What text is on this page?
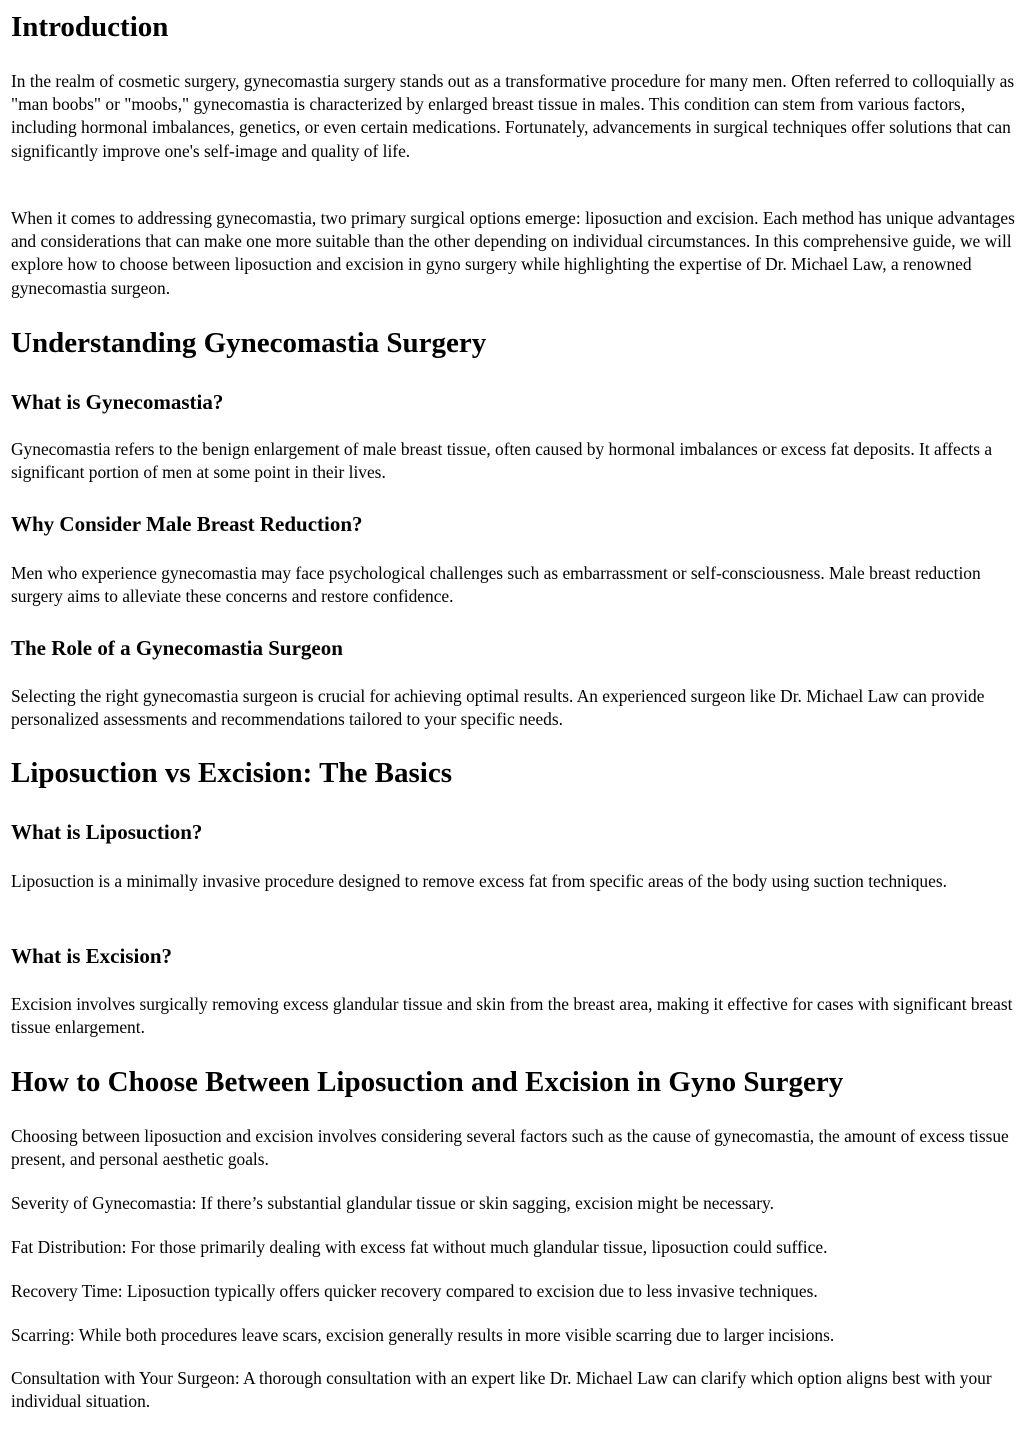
Introduction

In the realm of cosmetic surgery, gynecomastia surgery stands out as a transformative procedure for many men. Often referred to colloquially as "man boobs" or "moobs," gynecomastia is characterized by enlarged breast tissue in males. This condition can stem from various factors, including hormonal imbalances, genetics, or even certain medications. Fortunately, advancements in surgical techniques offer solutions that can significantly improve one's self-image and quality of life.

When it comes to addressing gynecomastia, two primary surgical options emerge: liposuction and excision. Each method has unique advantages and considerations that can make one more suitable than the other depending on individual circumstances. In this comprehensive guide, we will explore how to choose between liposuction and excision in gyno surgery while highlighting the expertise of Dr. Michael Law, a renowned gynecomastia surgeon.

Understanding Gynecomastia Surgery
What is Gynecomastia?

Gynecomastia refers to the benign enlargement of male breast tissue, often caused by hormonal imbalances or excess fat deposits. It affects a significant portion of men at some point in their lives.

Why Consider Male Breast Reduction?

Men who experience gynecomastia may face psychological challenges such as embarrassment or self-consciousness. Male breast reduction surgery aims to alleviate these concerns and restore confidence.

The Role of a Gynecomastia Surgeon

Selecting the right gynecomastia surgeon is crucial for achieving optimal results. An experienced surgeon like Dr. Michael Law can provide personalized assessments and recommendations tailored to your specific needs.

Liposuction vs Excision: The Basics
What is Liposuction?

Liposuction is a minimally invasive procedure designed to remove excess fat from specific areas of the body using suction techniques.

What is Excision?

Excision involves surgically removing excess glandular tissue and skin from the breast area, making it effective for cases with significant breast tissue enlargement.

How to Choose Between Liposuction and Excision in Gyno Surgery

Choosing between liposuction and excision involves considering several factors such as the cause of gynecomastia, the amount of excess tissue present, and personal aesthetic goals.

Severity of Gynecomastia: If there’s substantial glandular tissue or skin sagging, excision might be necessary.

Fat Distribution: For those primarily dealing with excess fat without much glandular tissue, liposuction could suffice.

Recovery Time: Liposuction typically offers quicker recovery compared to excision due to less invasive techniques.

Scarring: While both procedures leave scars, excision generally results in more visible scarring due to larger incisions.

Consultation with Your Surgeon: A thorough consultation with an expert like Dr. Michael Law can clarify which option aligns best with your individual situation.
